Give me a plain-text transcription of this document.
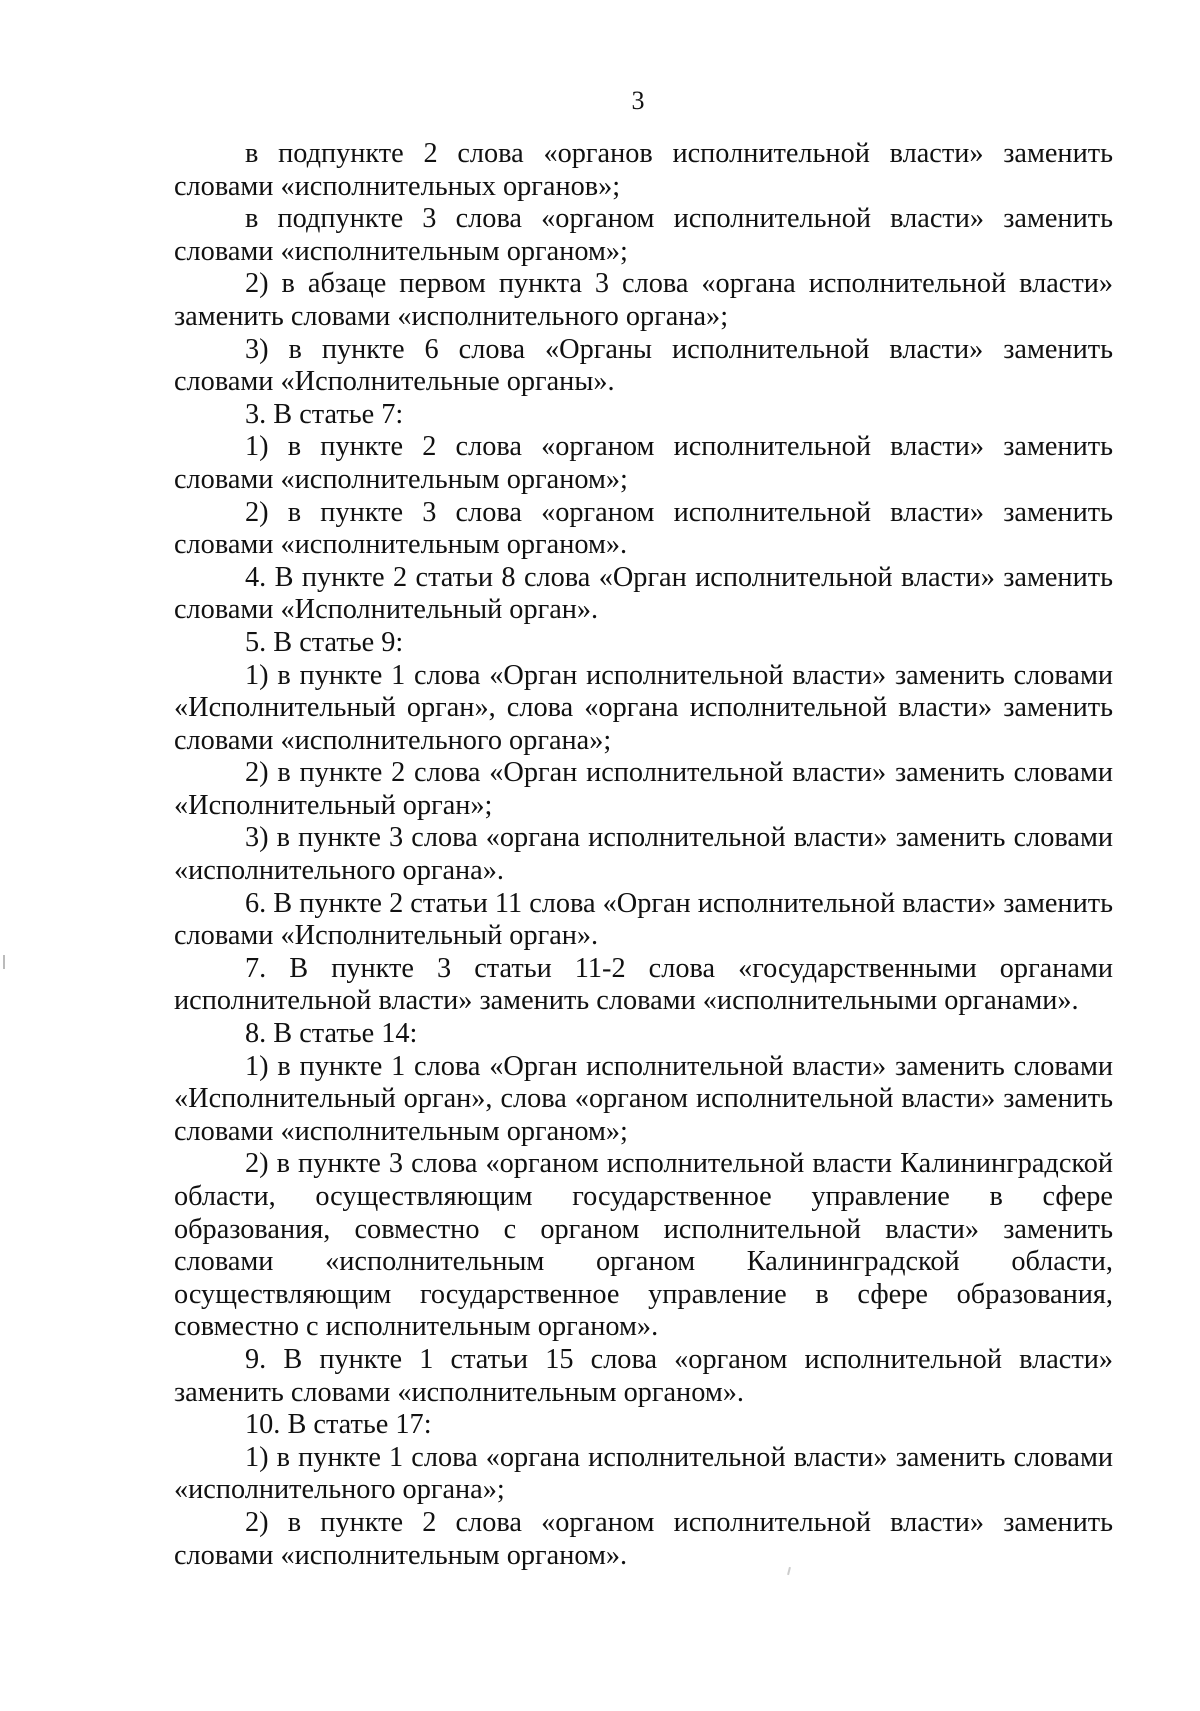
3

в подпункте 2 слова «органов исполнительной власти» заменить словами «исполнительных органов»;

в подпункте 3 слова «органом исполнительной власти» заменить словами «исполнительным органом»;

2) в абзаце первом пункта 3 слова «органа исполнительной власти» заменить словами «исполнительного органа»;

3) в пункте 6 слова «Органы исполнительной власти» заменить словами «Исполнительные органы».

3. В статье 7:

1) в пункте 2 слова «органом исполнительной власти» заменить словами «исполнительным органом»;

2) в пункте 3 слова «органом исполнительной власти» заменить словами «исполнительным органом».

4. В пункте 2 статьи 8 слова «Орган исполнительной власти» заменить словами «Исполнительный орган».

5. В статье 9:

1) в пункте 1 слова «Орган исполнительной власти» заменить словами «Исполнительный орган», слова «органа исполнительной власти» заменить словами «исполнительного органа»;

2) в пункте 2 слова «Орган исполнительной власти» заменить словами «Исполнительный орган»;

3) в пункте 3 слова «органа исполнительной власти» заменить словами «исполнительного органа».

6. В пункте 2 статьи 11 слова «Орган исполнительной власти» заменить словами «Исполнительный орган».

7. В пункте 3 статьи 11-2 слова «государственными органами исполнительной власти» заменить словами «исполнительными органами».

8. В статье 14:

1) в пункте 1 слова «Орган исполнительной власти» заменить словами «Исполнительный орган», слова «органом исполнительной власти» заменить словами «исполнительным органом»;

2) в пункте 3 слова «органом исполнительной власти Калининградской области, осуществляющим государственное управление в сфере образования, совместно с органом исполнительной власти» заменить словами «исполнительным органом Калининградской области, осуществляющим государственное управление в сфере образования, совместно с исполнительным органом».

9. В пункте 1 статьи 15 слова «органом исполнительной власти» заменить словами «исполнительным органом».

10. В статье 17:

1) в пункте 1 слова «органа исполнительной власти» заменить словами «исполнительного органа»;

2) в пункте 2 слова «органом исполнительной власти» заменить словами «исполнительным органом».
